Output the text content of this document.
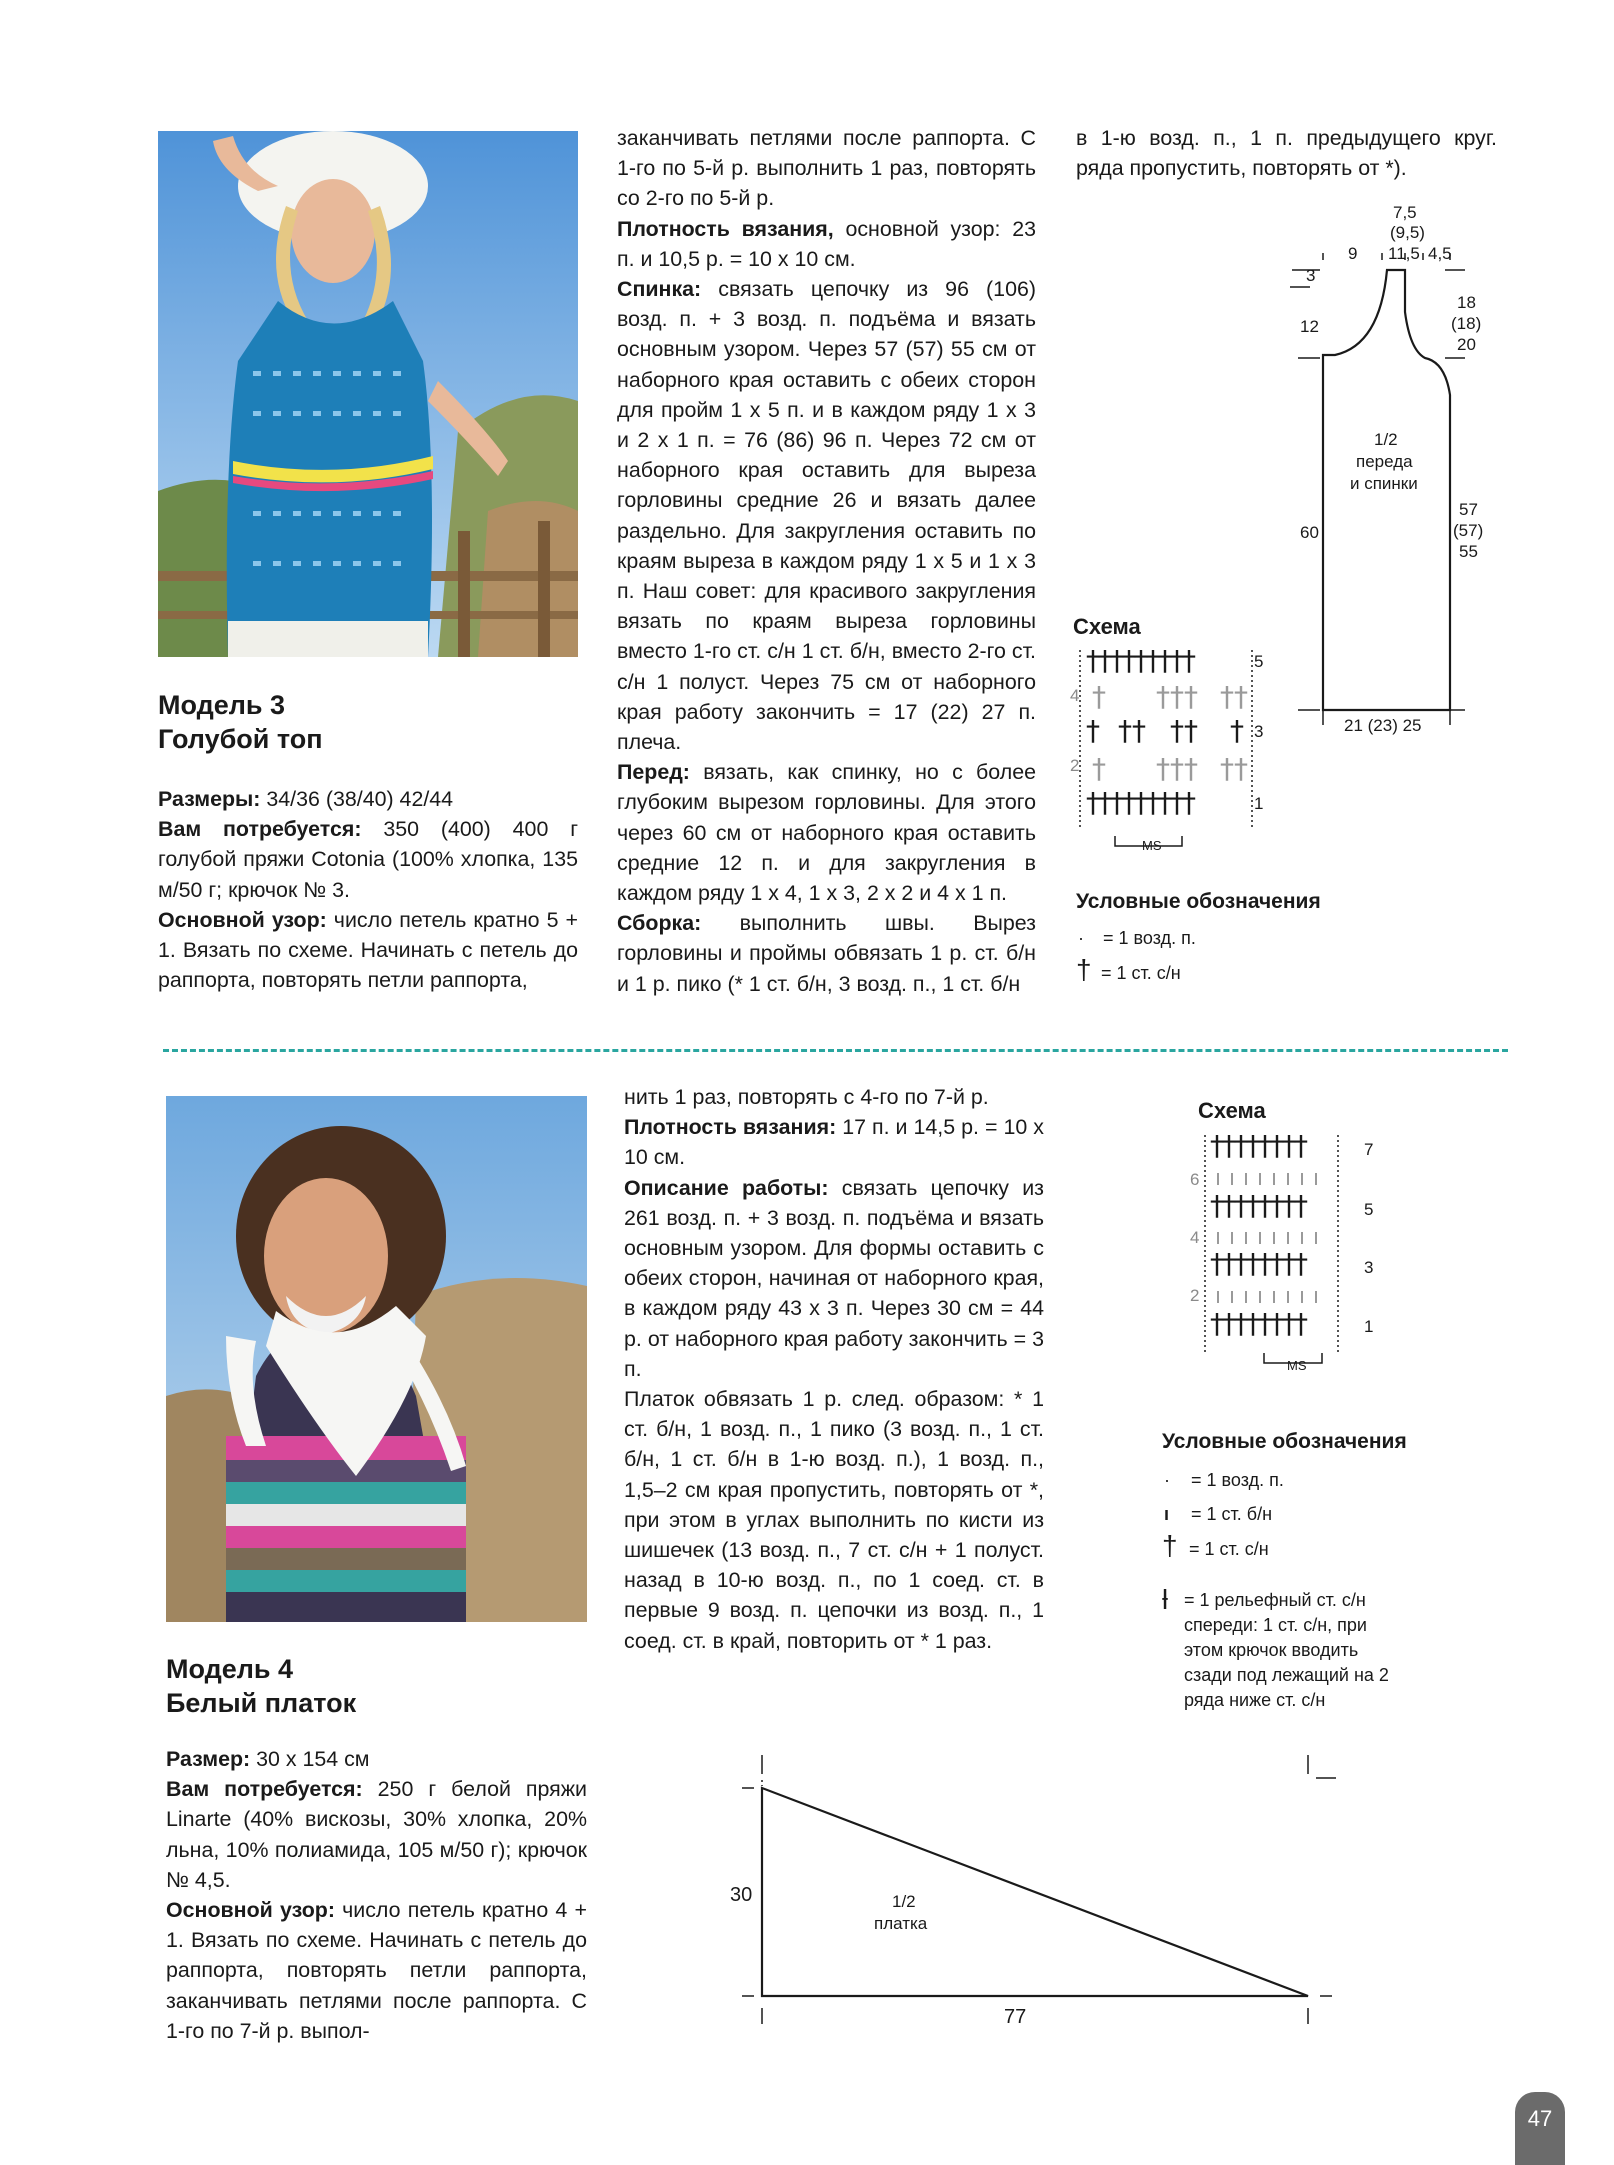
Модель 3
Голубой топ

Размеры: 34/36 (38/40) 42/44

Вам потребуется: 350 (400) 400 г голубой пряжи Cotonia (100% хлопка, 135 м/50 г; крючок № 3.

Основной узор: число петель кратно 5 + 1. Вязать по схеме. Начинать с петель до раппорта, повторять петли раппорта,

заканчивать петлями после раппорта. С 1-го по 5-й р. выполнить 1 раз, повторять со 2-го по 5-й р.

Плотность вязания, основной узор: 23 п. и 10,5 р. = 10 х 10 см.

Спинка: связать цепочку из 96 (106) возд. п. + 3 возд. п. подъёма и вязать основным узором. Через 57 (57) 55 см от наборного края оставить с обеих сторон для пройм 1 х 5 п. и в каждом ряду 1 х 3 и 2 х 1 п. = 76 (86) 96 п. Через 72 см от наборного края оставить для выреза горловины средние 26 и вязать далее раздельно. Для закругления оставить по краям выреза в каждом ряду 1 х 5 и 1 х 3 п. Наш совет: для красивого закругления вязать по краям выреза горловины вместо 1-го ст. с/н 1 ст. б/н, вместо 2-го ст. с/н 1 полуст. Через 75 см от наборного края работу закончить = 17 (22) 27 п. плеча.

Перед: вязать, как спинку, но с более глубоким вырезом горловины. Для этого через 60 см от наборного края оставить средние 12 п. и для закругления в каждом ряду 1 х 4, 1 х 3, 2 х 2 и 4 х 1 п.

Сборка: выполнить швы. Вырез горловины и проймы обвязать 1 р. ст. б/н и 1 р. пико (* 1 ст. б/н, 3 возд. п., 1 ст. б/н

в 1-ю возд. п., 1 п. предыдущего круг. ряда пропустить, повторять от *).
7,5
(9,5)
9 11,5 4,5
3
12
60
18
(18)
20
57
(57)
55
1/2
переда
и спинки
21 (23) 25
Схема
†††††††††
† †† †† †
†††††††††
† ††† ††
† ††† ††
5
4
3
2
1
MS
Условные обозначения
· = 1 возд. п.
† = 1 ст. с/н
Модель 4
Белый платок

Размер: 30 х 154 см

Вам потребуется: 250 г белой пряжи Linarte (40% вискозы, 30% хлопка, 20% льна, 10% полиамида, 105 м/50 г); крючок № 4,5.

Основной узор: число петель кратно 4 + 1. Вязать по схеме. Начинать с петель до раппорта, повторять петли раппорта, заканчивать петлями после раппорта. С 1-го по 7-й р. выпол-

нить 1 раз, повторять с 4-го по 7-й р.

Плотность вязания: 17 п. и 14,5 р. = 10 х 10 см.

Описание работы: связать цепочку из 261 возд. п. + 3 возд. п. подъёма и вязать основным узором. Для формы оставить с обеих сторон, начиная от наборного края, в каждом ряду 43 х 3 п. Через 30 см = 44 р. от наборного края работу закончить = 3 п.

Платок обвязать 1 р. след. образом: * 1 ст. б/н, 1 возд. п., 1 пико (3 возд. п., 1 ст. б/н, 1 ст. б/н в 1-ю возд. п.), 1 возд. п., 1,5–2 см края пропустить, повторять от *, при этом в углах выполнить по кисти из шишечек (13 возд. п., 7 ст. с/н + 1 полуст. назад в 10-ю возд. п., по 1 соед. ст. в первые 9 возд. п. цепочки из возд. п., 1 соед. ст. в край, повторить от * 1 раз.

Схема
††††††††
††††††††
††††††††
††††††††
7
6
5
4
3
2
1
MS
Условные обозначения
· = 1 возд. п.
ı = 1 ст. б/н
† = 1 ст. с/н
ƚ = 1 рельефный ст. с/н спереди: 1 ст. с/н, при этом крючок вводить сзади под лежащий на 2 ряда ниже ст. с/н
30
77
1/2
платка
47
